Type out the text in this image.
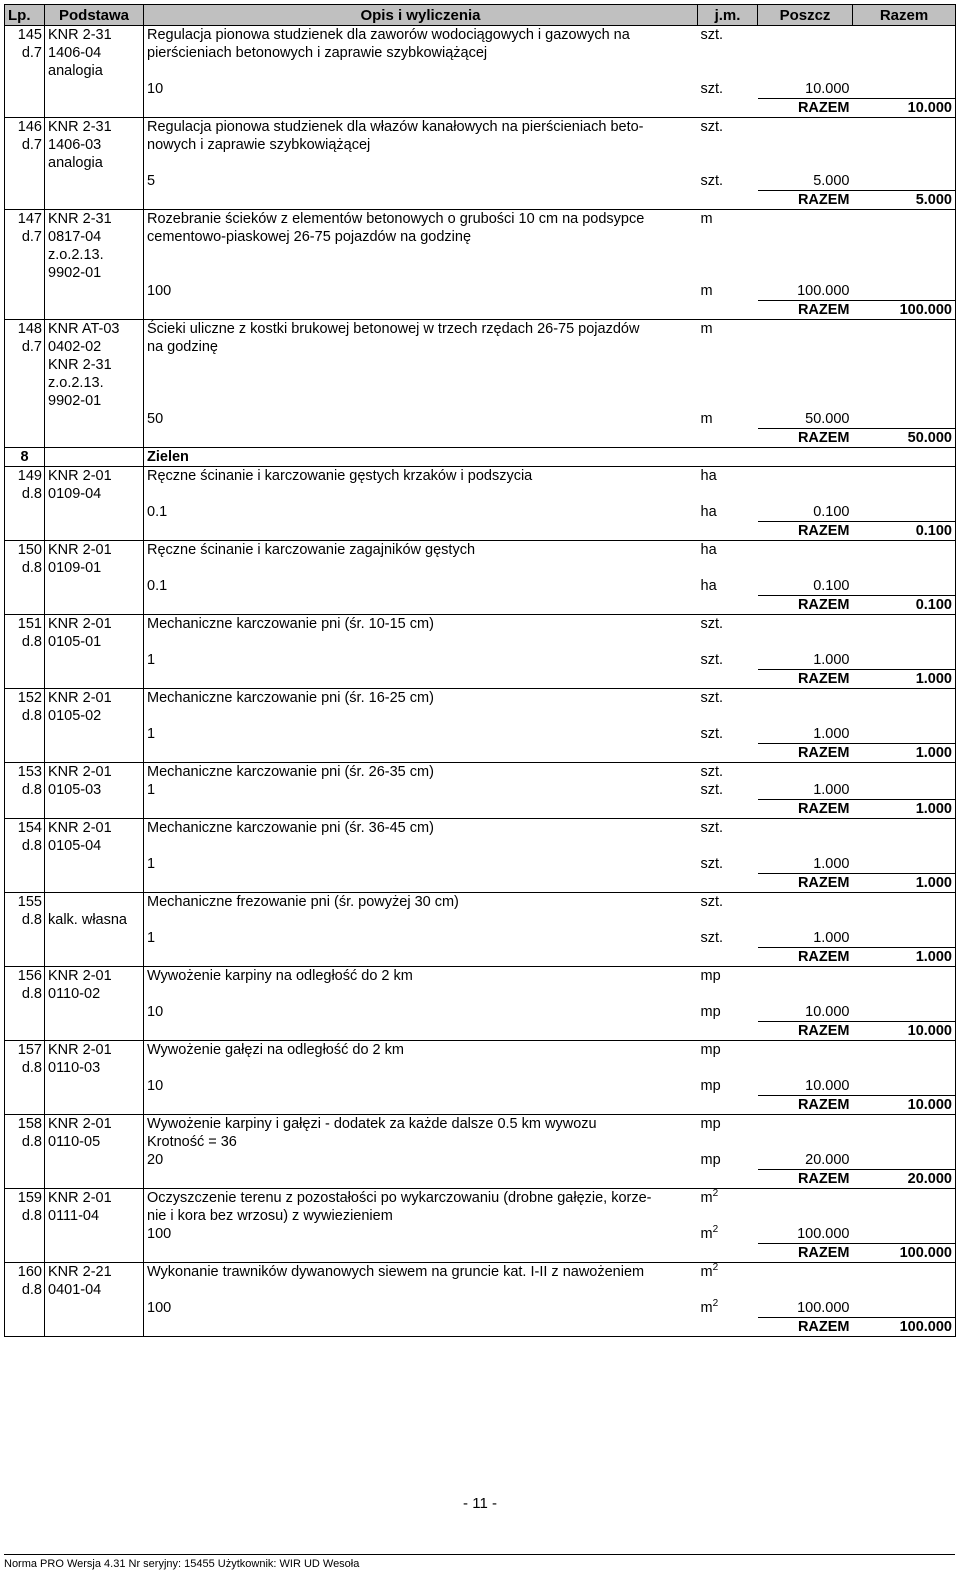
Lp.	Podstawa	Opis i wyliczenia	j.m.	Poszcz	Razem
145	KNR 2-31	Regulacja pionowa studzienek dla zaworów wodociągowych i gazowych na	szt.		
d.7	1406-04	pierścieniach betonowych i zaprawie szybkowiążącej			
	analogia				

		10	szt.	10.000	
				RAZEM	10.000
146	KNR 2-31	Regulacja pionowa studzienek dla włazów kanałowych na pierścieniach beto-	szt.		
d.7	1406-03	nowych i zaprawie szybkowiążącej			
	analogia				
		5	szt.	5.000	
				RAZEM	5.000
147	KNR 2-31	Rozebranie ścieków z elementów betonowych o grubości 10 cm na podsypce	m		
d.7	0817-04	cementowo-piaskowej 26-75 pojazdów na godzinę			
	z.o.2.13.				
	9902-01				
		100	m	100.000	
				RAZEM	100.000
148	KNR AT-03	Ścieki uliczne z kostki brukowej betonowej w trzech rzędach 26-75 pojazdów	m		
d.7	0402-02	na godzinę			
	KNR 2-31				
	z.o.2.13.				
	9902-01				
		50	m	50.000	
				RAZEM	50.000
8		Zielen			
149	KNR 2-01	Ręczne ścinanie i karczowanie gęstych krzaków i podszycia	ha		
d.8	0109-04				
		0.1	ha	0.100	
				RAZEM	0.100
150	KNR 2-01	Ręczne ścinanie i karczowanie zagajników gęstych	ha		
d.8	0109-01				
		0.1	ha	0.100	
				RAZEM	0.100
151	KNR 2-01	Mechaniczne karczowanie pni (śr. 10-15 cm)	szt.		
d.8	0105-01				
		1	szt.	1.000	
				RAZEM	1.000
152	KNR 2-01	Mechaniczne karczowanie pni (śr. 16-25 cm)	szt.		
d.8	0105-02				
		1	szt.	1.000	
				RAZEM	1.000
153	KNR 2-01	Mechaniczne karczowanie pni (śr. 26-35 cm)	szt.		
d.8	0105-03	1	szt.	1.000	
				RAZEM	1.000
154	KNR 2-01	Mechaniczne karczowanie pni (śr. 36-45 cm)	szt.		
d.8	0105-04				
		1	szt.	1.000	
				RAZEM	1.000
155		Mechaniczne frezowanie pni (śr. powyżej 30 cm)	szt.		
d.8	kalk. własna				
		1	szt.	1.000	
				RAZEM	1.000
156	KNR 2-01	Wywożenie karpiny na odległość do 2 km	mp		
d.8	0110-02				
		10	mp	10.000	
				RAZEM	10.000
157	KNR 2-01	Wywożenie gałęzi na odległość do 2 km	mp		
d.8	0110-03				
		10	mp	10.000	
				RAZEM	10.000
158	KNR 2-01	Wywożenie karpiny i gałęzi - dodatek za każde dalsze 0.5 km wywozu	mp		
d.8	0110-05	Krotność = 36			
		20	mp	20.000	
				RAZEM	20.000
159	KNR 2-01	Oczyszczenie terenu z pozostałości po wykarczowaniu (drobne gałęzie, korze-	$m^2$		
d.8	0111-04	nie i kora bez wrzosu) z wywiezieniem			
		100	$m^2$	100.000	
				RAZEM	100.000
160	KNR 2-21	Wykonanie trawników dywanowych siewem na gruncie kat. I-II z nawożeniem	$m^2$		
d.8	0401-04				
		100	$m^2$	100.000	
				RAZEM	100.000
- 11 -
Norma PRO Wersja 4.31 Nr seryjny: 15455 Użytkownik: WIR UD Wesoła
